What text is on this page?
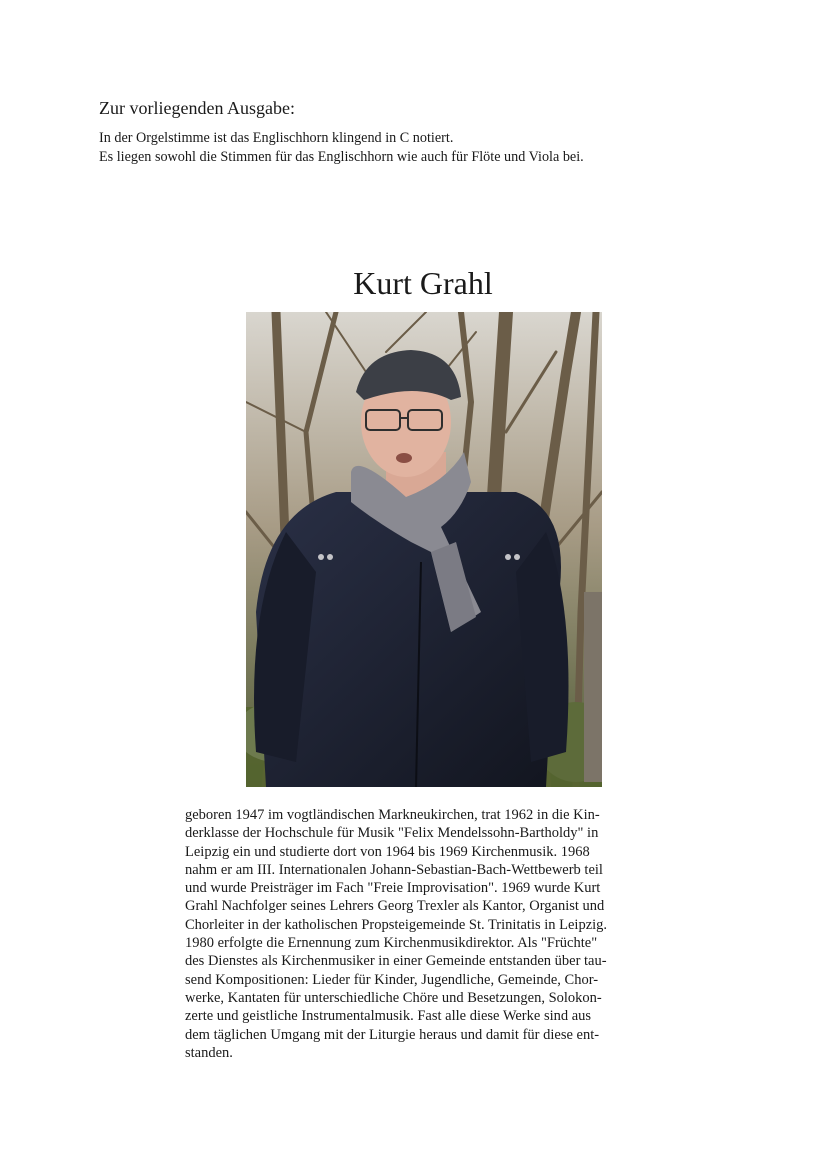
Zur vorliegenden Ausgabe:

In der Orgelstimme ist das Englischhorn klingend in C notiert.

Es liegen sowohl die Stimmen für das Englischhorn wie auch für Flöte und Viola bei.

Kurt Grahl

geboren 1947 im vogtländischen Markneukirchen, trat 1962 in die Kin-
derklasse der Hochschule für Musik "Felix Mendelssohn-Bartholdy" in
Leipzig ein und studierte dort von 1964 bis 1969 Kirchenmusik. 1968
nahm er am III. Internationalen Johann-Sebastian-Bach-Wettbewerb teil
und wurde Preisträger im Fach "Freie Improvisation". 1969 wurde Kurt
Grahl Nachfolger seines Lehrers Georg Trexler als Kantor, Organist und
Chorleiter in der katholischen Propsteigemeinde St. Trinitatis in Leipzig.
1980 erfolgte die Ernennung zum Kirchenmusikdirektor. Als "Früchte"
des Dienstes als Kirchenmusiker in einer Gemeinde entstanden über tau-
send Kompositionen: Lieder für Kinder, Jugendliche, Gemeinde, Chor-
werke, Kantaten für unterschiedliche Chöre und Besetzungen, Solokon-
zerte und geistliche Instrumentalmusik. Fast alle diese Werke sind aus
dem täglichen Umgang mit der Liturgie heraus und damit für diese ent-
standen.
